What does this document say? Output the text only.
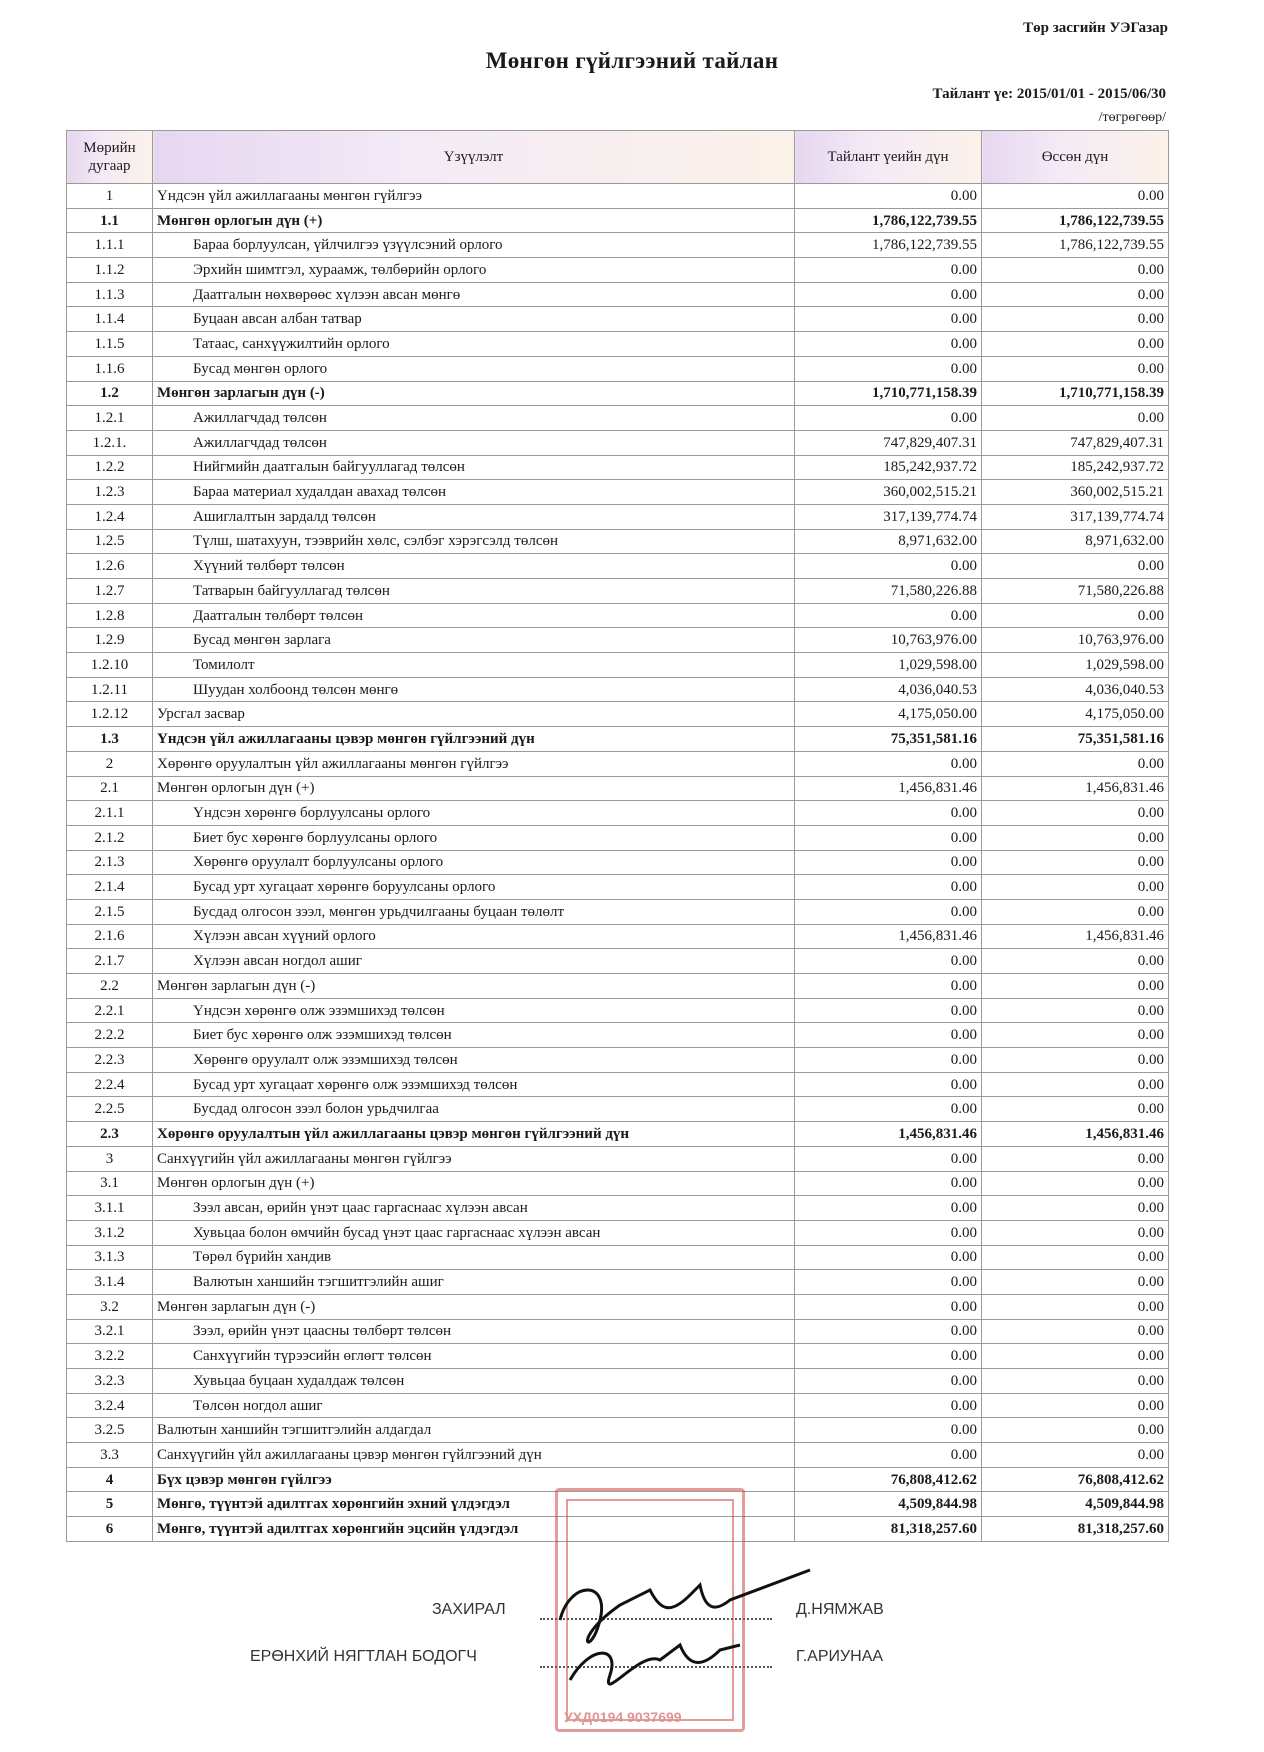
Төр засгийн УЭГазар
Мөнгөн гүйлгээний тайлан
Тайлант үе: 2015/01/01 - 2015/06/30
/төгрөгөөр/
Мөрийн дугаар	Үзүүлэлт	Тайлант үеийн дүн	Өссөн дүн
1	Үндсэн үйл ажиллагааны мөнгөн гүйлгээ	0.00	0.00
1.1	Мөнгөн орлогын дүн (+)	1,786,122,739.55	1,786,122,739.55
1.1.1	Бараа борлуулсан, үйлчилгээ үзүүлсэний орлого	1,786,122,739.55	1,786,122,739.55
1.1.2	Эрхийн шимтгэл, хураамж, төлбөрийн орлого	0.00	0.00
1.1.3	Даатгалын нөхвөрөөс хүлээн авсан мөнгө	0.00	0.00
1.1.4	Буцаан авсан албан татвар	0.00	0.00
1.1.5	Татаас, санхүүжилтийн орлого	0.00	0.00
1.1.6	Бусад мөнгөн орлого	0.00	0.00
1.2	Мөнгөн зарлагын дүн (-)	1,710,771,158.39	1,710,771,158.39
1.2.1	Ажиллагчдад төлсөн	0.00	0.00
1.2.1.	Ажиллагчдад төлсөн	747,829,407.31	747,829,407.31
1.2.2	Нийгмийн даатгалын байгууллагад төлсөн	185,242,937.72	185,242,937.72
1.2.3	Бараа материал худалдан авахад төлсөн	360,002,515.21	360,002,515.21
1.2.4	Ашиглалтын зардалд төлсөн	317,139,774.74	317,139,774.74
1.2.5	Түлш, шатахуун, тээврийн хөлс, сэлбэг хэрэгсэлд төлсөн	8,971,632.00	8,971,632.00
1.2.6	Хүүний төлбөрт төлсөн	0.00	0.00
1.2.7	Татварын байгууллагад төлсөн	71,580,226.88	71,580,226.88
1.2.8	Даатгалын төлбөрт төлсөн	0.00	0.00
1.2.9	Бусад мөнгөн зарлага	10,763,976.00	10,763,976.00
1.2.10	Томилолт	1,029,598.00	1,029,598.00
1.2.11	Шуудан холбоонд төлсөн мөнгө	4,036,040.53	4,036,040.53
1.2.12	Урсгал засвар	4,175,050.00	4,175,050.00
1.3	Үндсэн үйл ажиллагааны цэвэр мөнгөн гүйлгээний дүн	75,351,581.16	75,351,581.16
2	Хөрөнгө оруулалтын үйл ажиллагааны мөнгөн гүйлгээ	0.00	0.00
2.1	Мөнгөн орлогын дүн (+)	1,456,831.46	1,456,831.46
2.1.1	Үндсэн хөрөнгө борлуулсаны орлого	0.00	0.00
2.1.2	Биет бус хөрөнгө борлуулсаны орлого	0.00	0.00
2.1.3	Хөрөнгө оруулалт борлуулсаны орлого	0.00	0.00
2.1.4	Бусад урт хугацаат хөрөнгө боруулсаны орлого	0.00	0.00
2.1.5	Бусдад олгосон зээл, мөнгөн урьдчилгааны буцаан төлөлт	0.00	0.00
2.1.6	Хүлээн авсан хүүний орлого	1,456,831.46	1,456,831.46
2.1.7	Хүлээн авсан ногдол ашиг	0.00	0.00
2.2	Мөнгөн зарлагын дүн (-)	0.00	0.00
2.2.1	Үндсэн хөрөнгө олж эзэмшихэд төлсөн	0.00	0.00
2.2.2	Биет бус хөрөнгө олж эзэмшихэд төлсөн	0.00	0.00
2.2.3	Хөрөнгө оруулалт олж эзэмшихэд төлсөн	0.00	0.00
2.2.4	Бусад урт хугацаат хөрөнгө олж эзэмшихэд төлсөн	0.00	0.00
2.2.5	Бусдад олгосон зээл болон урьдчилгаа	0.00	0.00
2.3	Хөрөнгө оруулалтын үйл ажиллагааны цэвэр мөнгөн гүйлгээний дүн	1,456,831.46	1,456,831.46
3	Санхүүгийн үйл ажиллагааны мөнгөн гүйлгээ	0.00	0.00
3.1	Мөнгөн орлогын дүн (+)	0.00	0.00
3.1.1	Зээл авсан, өрийн үнэт цаас гаргаснаас хүлээн авсан	0.00	0.00
3.1.2	Хувьцаа болон өмчийн бусад үнэт цаас гаргаснаас хүлээн авсан	0.00	0.00
3.1.3	Төрөл бүрийн хандив	0.00	0.00
3.1.4	Валютын ханшийн тэгшитгэлийн ашиг	0.00	0.00
3.2	Мөнгөн зарлагын дүн (-)	0.00	0.00
3.2.1	Зээл, өрийн үнэт цаасны төлбөрт төлсөн	0.00	0.00
3.2.2	Санхүүгийн түрээсийн өглөгт төлсөн	0.00	0.00
3.2.3	Хувьцаа буцаан худалдаж төлсөн	0.00	0.00
3.2.4	Төлсөн ногдол ашиг	0.00	0.00
3.2.5	Валютын ханшийн тэгшитгэлийн алдагдал	0.00	0.00
3.3	Санхүүгийн үйл ажиллагааны цэвэр мөнгөн гүйлгээний дүн	0.00	0.00
4	Бүх цэвэр мөнгөн гүйлгээ	76,808,412.62	76,808,412.62
5	Мөнгө, түүнтэй адилтгах хөрөнгийн эхний үлдэгдэл	4,509,844.98	4,509,844.98
6	Мөнгө, түүнтэй адилтгах хөрөнгийн эцсийн үлдэгдэл	81,318,257.60	81,318,257.60
ЗАХИРАЛ	Д.НЯМЖАВ
ЕРӨНХИЙ НЯГТЛАН БОДОГЧ	Г.АРИУНАА
УХД0194 9037699
